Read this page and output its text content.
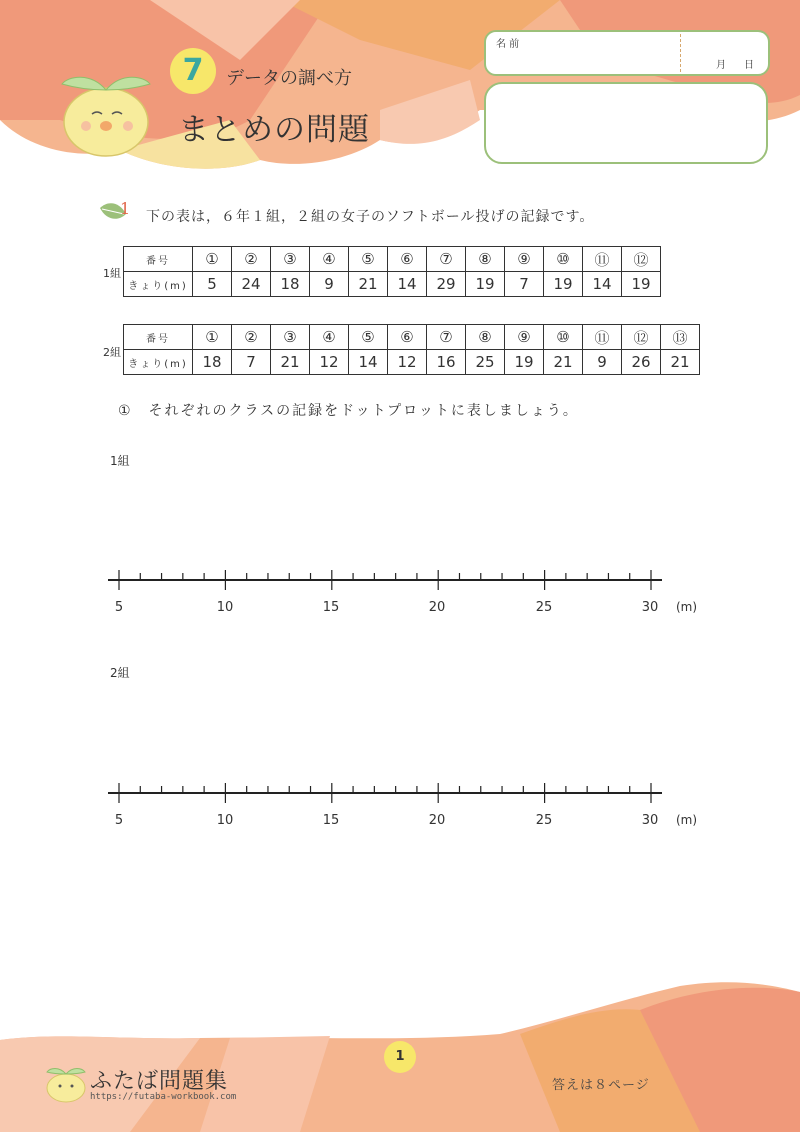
7	データの調べ方
まとめの問題
名 前
月 日
1 下の表は，６年１組，２組の女子のソフトボール投げの記録です。
1組
番号	①	②	③	④	⑤	⑥	⑦	⑧	⑨	⑩	⑪	⑫
きょり(m)	5	24	18	9	21	14	29	19	7	19	14	19
2組
番号	①	②	③	④	⑤	⑥	⑦	⑧	⑨	⑩	⑪	⑫	⑬
きょり(m)	18	7	21	12	14	12	16	25	19	21	9	26	21
①　それぞれのクラスの記録をドットプロットに表しましょう。
1組
5	10	15	20	25	30	(m)
2組
5	10	15	20	25	30	(m)
1
ふたば問題集
https://futaba-workbook.com
答えは８ページ
